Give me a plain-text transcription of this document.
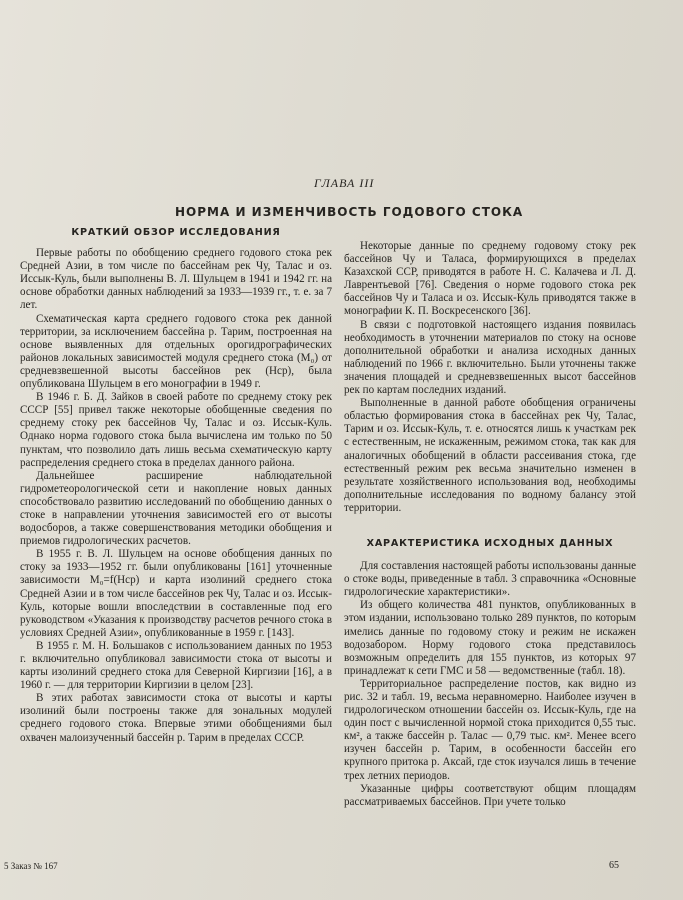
ГЛАВА III
НОРМА И ИЗМЕНЧИВОСТЬ ГОДОВОГО СТОКА
КРАТКИЙ ОБЗОР ИССЛЕДОВАНИЯ

Первые работы по обобщению среднего годового стока рек Средней Азии, в том числе по бассейнам рек Чу, Талас и оз. Иссык-Куль, были выполнены В. Л. Шульцем в 1941 и 1942 гг. на основе обработки данных наблюдений за 1933—1939 гг., т. е. за 7 лет.

Схематическая карта среднего годового стока рек данной территории, за исключением бассейна р. Тарим, построенная на основе выявленных для отдельных орогидрографических районов локальных зависимостей модуля среднего стока (M₀) от средневзвешенной высоты бассейнов рек (Hср), была опубликована Шульцем в его монографии в 1949 г.

В 1946 г. Б. Д. Зайков в своей работе по среднему стоку рек СССР [55] привел также некоторые обобщенные сведения по среднему стоку рек бассейнов Чу, Талас и оз. Иссык-Куль. Однако норма годового стока была вычислена им только по 50 пунктам, что позволило дать лишь весьма схематическую карту распределения среднего стока в пределах данного района.

Дальнейшее расширение наблюдательной гидрометеорологической сети и накопление новых данных способствовало развитию исследований по обобщению данных о стоке в направлении уточнения зависимостей его от высоты водосборов, а также совершенствования методики обобщения и приемов гидрологических расчетов.

В 1955 г. В. Л. Шульцем на основе обобщения данных по стоку за 1933—1952 гг. были опубликованы [161] уточненные зависимости M₀=f(Hср) и карта изолиний среднего стока Средней Азии и в том числе бассейнов рек Чу, Талас и оз. Иссык-Куль, которые вошли впоследствии в составленные под его руководством «Указания к производству расчетов речного стока в условиях Средней Азии», опубликованные в 1959 г. [143].

В 1955 г. М. Н. Большаков с использованием данных по 1953 г. включительно опубликовал зависимости стока от высоты и карты изолиний среднего стока для Северной Киргизии [16], а в 1960 г. — для территории Киргизии в целом [23].

В этих работах зависимости стока от высоты и карты изолиний были построены также для зональных модулей среднего годового стока. Впервые этими обобщениями был охвачен малоизученный бассейн р. Тарим в пределах СССР.

Некоторые данные по среднему годовому стоку рек бассейнов Чу и Таласа, формирующихся в пределах Казахской ССР, приводятся в работе Н. С. Калачева и Л. Д. Лаврентьевой [76]. Сведения о норме годового стока рек бассейнов Чу и Талаcа и оз. Иссык-Куль приводятся также в монографии К. П. Воскресенского [36].

В связи с подготовкой настоящего издания появилась необходимость в уточнении материалов по стоку на основе дополнительной обработки и анализа исходных данных наблюдений по 1966 г. включительно. Были уточнены также значения площадей и средневзвешенных высот бассейнов рек по картам последних изданий.

Выполненные в данной работе обобщения ограничены областью формирования стока в бассейнах рек Чу, Талас, Тарим и оз. Иссык-Куль, т. е. относятся лишь к участкам рек с естественным, не искаженным, режимом стока, так как для аналогичных обобщений в области рассеивания стока, где естественный режим рек весьма значительно изменен в результате хозяйственного использования вод, необходимы дополнительные исследования по водному балансу этой территории.

ХАРАКТЕРИСТИКА ИСХОДНЫХ ДАННЫХ

Для составления настоящей работы использованы данные о стоке воды, приведенные в табл. 3 справочника «Основные гидрологические характеристики».

Из общего количества 481 пунктов, опубликованных в этом издании, использовано только 289 пунктов, по которым имелись данные по годовому стоку и режим не искажен водозабором. Норму годового стока представилось возможным определить для 155 пунктов, из которых 97 принадлежат к сети ГМС и 58 — ведомственные (табл. 18).

Территориальное распределение постов, как видно из рис. 32 и табл. 19, весьма неравномерно. Наиболее изучен в гидрологическом отношении бассейн оз. Иссык-Куль, где на один пост с вычисленной нормой стока приходится 0,55 тыс. км², а также бассейн р. Талас — 0,79 тыс. км². Менее всего изучен бассейн р. Тарим, в особенности бассейн его крупного притока р. Аксай, где сток изучался лишь в течение трех летних периодов.

Указанные цифры соответствуют общим площадям рассматриваемых бассейнов. При учете только

5 Заказ № 167	65
